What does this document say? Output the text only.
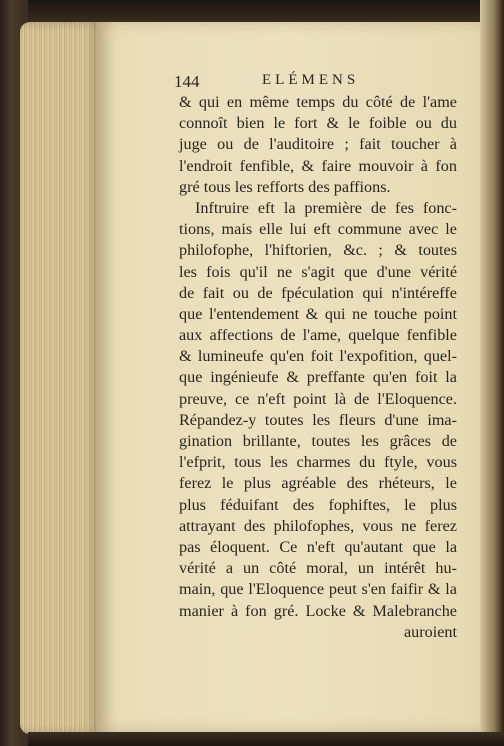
144	ELÉMENS
& qui en même temps du côté de l'ame
connoît bien le fort & le foible ou du
juge ou de l'auditoire ; fait toucher à
l'endroit fenfible, & faire mouvoir à fon
gré tous les refforts des paffions.
Inftruire eft la première de fes fonc-
tions, mais elle lui eft commune avec le
philofophe, l'hiftorien, &c. ; & toutes
les fois qu'il ne s'agit que d'une vérité
de fait ou de fpéculation qui n'intéreffe
que l'entendement & qui ne touche point
aux affections de l'ame, quelque fenfible
& lumineufe qu'en foit l'expofition, quel-
que ingénieufe & preffante qu'en foit la
preuve, ce n'eft point là de l'Eloquence.
Répandez-y toutes les fleurs d'une ima-
gination brillante, toutes les grâces de
l'efprit, tous les charmes du ftyle, vous
ferez le plus agréable des rhéteurs, le
plus féduifant des fophiftes, le plus
attrayant des philofophes, vous ne ferez
pas éloquent. Ce n'eft qu'autant que la
vérité a un côté moral, un intérêt hu-
main, que l'Eloquence peut s'en faifir & la
manier à fon gré. Locke & Malebranche
auroient
